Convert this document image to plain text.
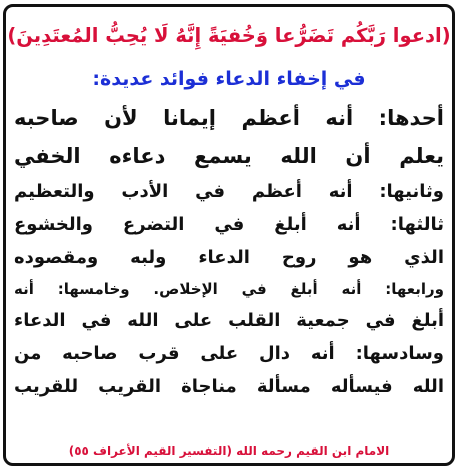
(ادعوا رَبَّكُم تَضَرُّعا وَخُفيَةً إِنَّهُ لَا يُحِبُّ المُعتَدِينَ)

في إخفاء الدعاء فوائد عديدة:

أحدها: أنه أعظم إيمانا لأن صاحبه
يعلم أن الله يسمع دعاءه الخفي
وثانيها: أنه أعظم في الأدب والتعظيم
ثالثها: أنه أبلغ في التضرع والخشوع
الذي هو روح الدعاء ولبه ومقصوده
ورابعها: أنه أبلغ في الإخلاص. وخامسها: أنه
أبلغ في جمعية القلب على الله في الدعاء
وسادسها: أنه دال على قرب صاحبه من
الله فيسأله مسألة مناجاة القريب للقريب

الامام ابن القيم رحمه الله (التفسير القيم الأعراف ٥٥)
